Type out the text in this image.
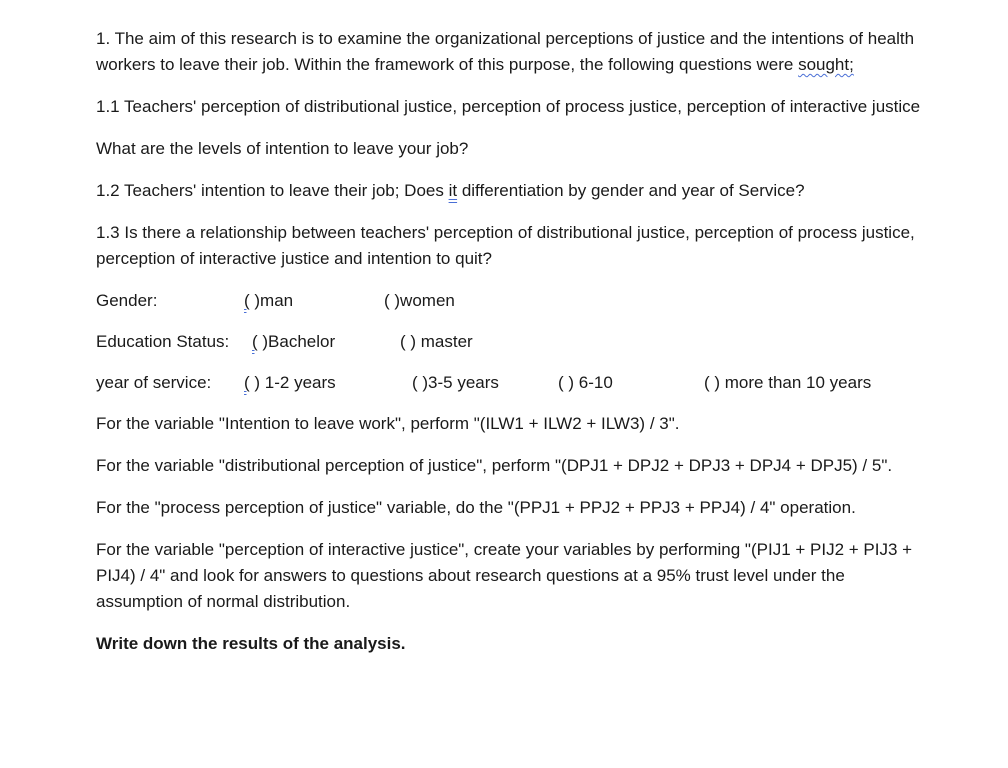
1. The aim of this research is to examine the organizational perceptions of justice and the intentions of health workers to leave their job. Within the framework of this purpose, the following questions were sought;

1.1 Teachers' perception of distributional justice, perception of process justice, perception of interactive justice

What are the levels of intention to leave your job?

1.2 Teachers' intention to leave their job; Does it differentiation by gender and year of Service?

1.3 Is there a relationship between teachers' perception of distributional justice, perception of process justice, perception of interactive justice and intention to quit?

Gender:	( )man	( )women
Education Status: ( )Bachelor	( ) master
year of service: ( ) 1-2 years	( )3-5 years	( ) 6-10	( ) more than 10 years

For the variable "Intention to leave work", perform "(ILW1 + ILW2 + ILW3) / 3".

For the variable "distributional perception of justice", perform "(DPJ1 + DPJ2 + DPJ3 + DPJ4 + DPJ5) / 5".

For the "process perception of justice" variable, do the "(PPJ1 + PPJ2 + PPJ3 + PPJ4) / 4" operation.

For the variable "perception of interactive justice", create your variables by performing "(PIJ1 + PIJ2 + PIJ3 + PIJ4) / 4" and look for answers to questions about research questions at a 95% trust level under the assumption of normal distribution.

Write down the results of the analysis.
